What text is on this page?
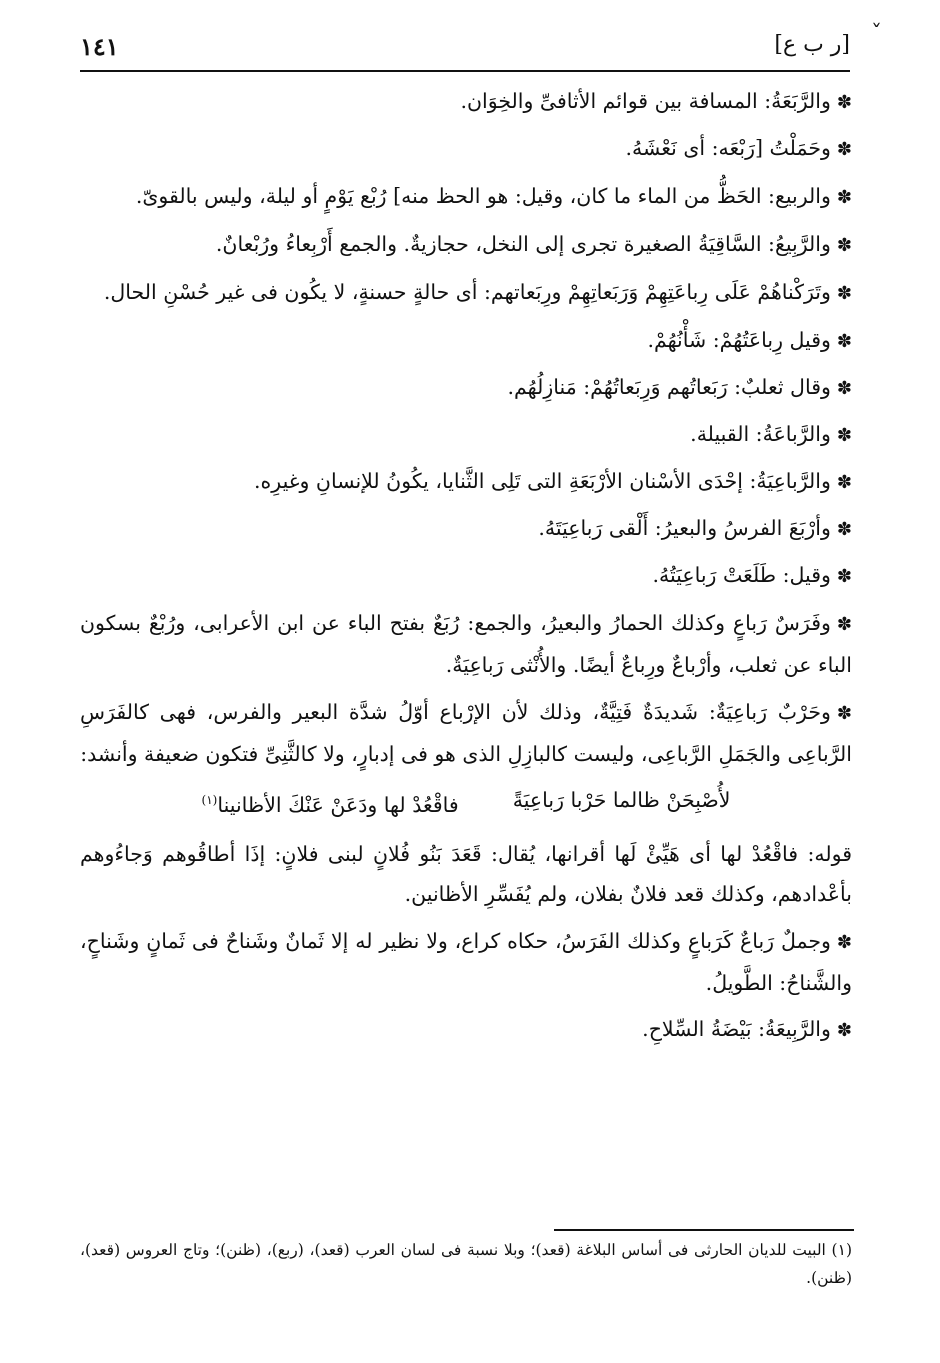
ˇ
[ر ب ع]
١٤١

✽والرَّبَعَةُ: المسافة بين قوائم الأثافىِّ والخِوَان.

✽وحَمَلْتُ [رَبْعَه: أى نَعْشَهُ.

✽والربيع: الحَظُّ من الماء ما كان، وقيل: هو الحظ منه] رُبْع يَوْمٍ أو ليلة، وليس بالقوىّ.

✽والرَّبِيعُ: السَّاقِيَةُ الصغيرة تجرى إلى النخل، حجازيةٌ. والجمع أَرْبِعاءُ ورُبْعانٌ.

✽وتَرَكْناهُمْ عَلَى رِباعَتِهِمْ وَرَبَعاتِهِمْ ورِبَعاتهم: أى حالةٍ حسنةٍ، لا يكُون فى غير حُسْنِ الحال.

✽وقيل رِباعَتُهُمْ: شَأْنُهُمْ.

✽وقال ثعلبٌ: رَبَعاتُهم وَرِبَعاتُهُمْ: مَنازِلُهُم.

✽والرَّباعَةُ: القبيلة.

✽والرَّباعِيَةُ: إحْدَى الأسْنان الأرْبَعَةِ التى تَلِى الثَّنايا، يكُونُ للإنسانِ وغيرِه.

✽وأرْبَعَ الفرسُ والبعيرُ: أَلْقى رَباعِيَتَهُ.

✽وقيل: طَلَعَتْ رَباعِيَتُهُ.

✽وفَرَسٌ رَباعٍ وكذلك الحمارُ والبعيرُ، والجمع: رُبَعٌ بفتح الباء عن ابن الأعرابى، ورُبْعٌ بسكون الباء عن ثعلب، وأرْباعٌ ورِباعٌ أيضًا. والأُنْثى رَباعِيَةٌ.

✽وحَرْبٌ رَباعِيَةٌ: شَديدَةٌ فَتِيَّةٌ، وذلك لأن الإرْباع أوّلُ شدَّة البعير والفرس، فهى كالفَرَسِ الرَّباعِى والجَمَلِ الرَّباعِى، وليست كالبازِلِ الذى هو فى إدبارٍ، ولا كالثَّنِىِّ فتكون ضعيفة وأنشد:

لأُصْبِحَنْ ظالما حَرْبا رَباعِيَةً
فاقْعُدْ لها ودَعَنْ عَنْكَ الأظانينا$^{(١)}$

قوله: فاقْعُدْ لها أى هَيِّئْ لَها أقرانها، يُقال: قَعَدَ بَنُو فُلانٍ لبنى فلانٍ: إذَا أطاقُوهم وَجاءُوهم بأعْدادهم، وكذلك قعد فلانٌ بفلان، ولم يُفَسِّرِ الأظانين.

✽وجملٌ رَباعٌ كَرَباعٍ وكذلك الفَرَسُ، حكاه كراع، ولا نظير له إلا ثَمانٌ وشَناحٌ فى ثَمانٍ وشَناحٍ، والشَّناحُ: الطَّويلُ.

✽والرَّبِيعَةُ: بَيْضَةُ السِّلاحِ.

(١) البيت للديان الحارثى فى أساس البلاغة (قعد)؛ وبلا نسبة فى لسان العرب (قعد)، (ربع)، (ظنن)؛ وتاج العروس (قعد)، (ظنن).
